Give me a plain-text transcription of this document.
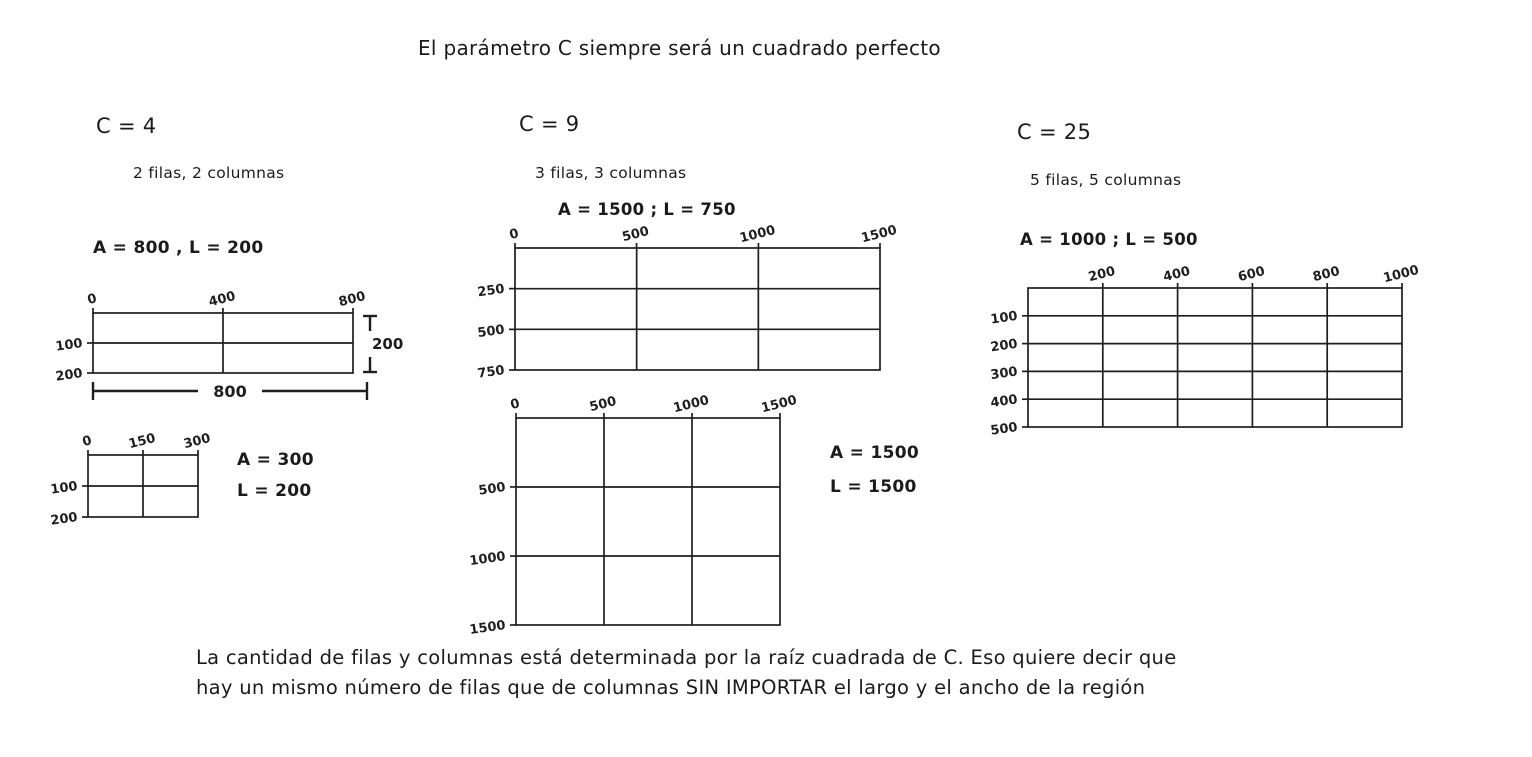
0	400	800
100
200
0	150 300
100
200
0	500	1000	1500
250
500
750
0	500	1000	1500
500
1000
1500
200	400	600	800	1000
100
200
300
400
500
800
200
El parámetro C siempre será un cuadrado perfecto
C = 4
2 filas, 2 columnas
A = 800 , L = 200
C = 9
3 filas, 3 columnas
A = 1500 ; L = 750
C = 25
5 filas, 5 columnas
A = 1000 ; L = 500
A = 300
L = 200
A = 1500
L = 1500
La cantidad de filas y columnas está determinada por la raíz cuadrada de C. Eso quiere decir que
hay un mismo número de filas que de columnas SIN IMPORTAR el largo y el ancho de la región
